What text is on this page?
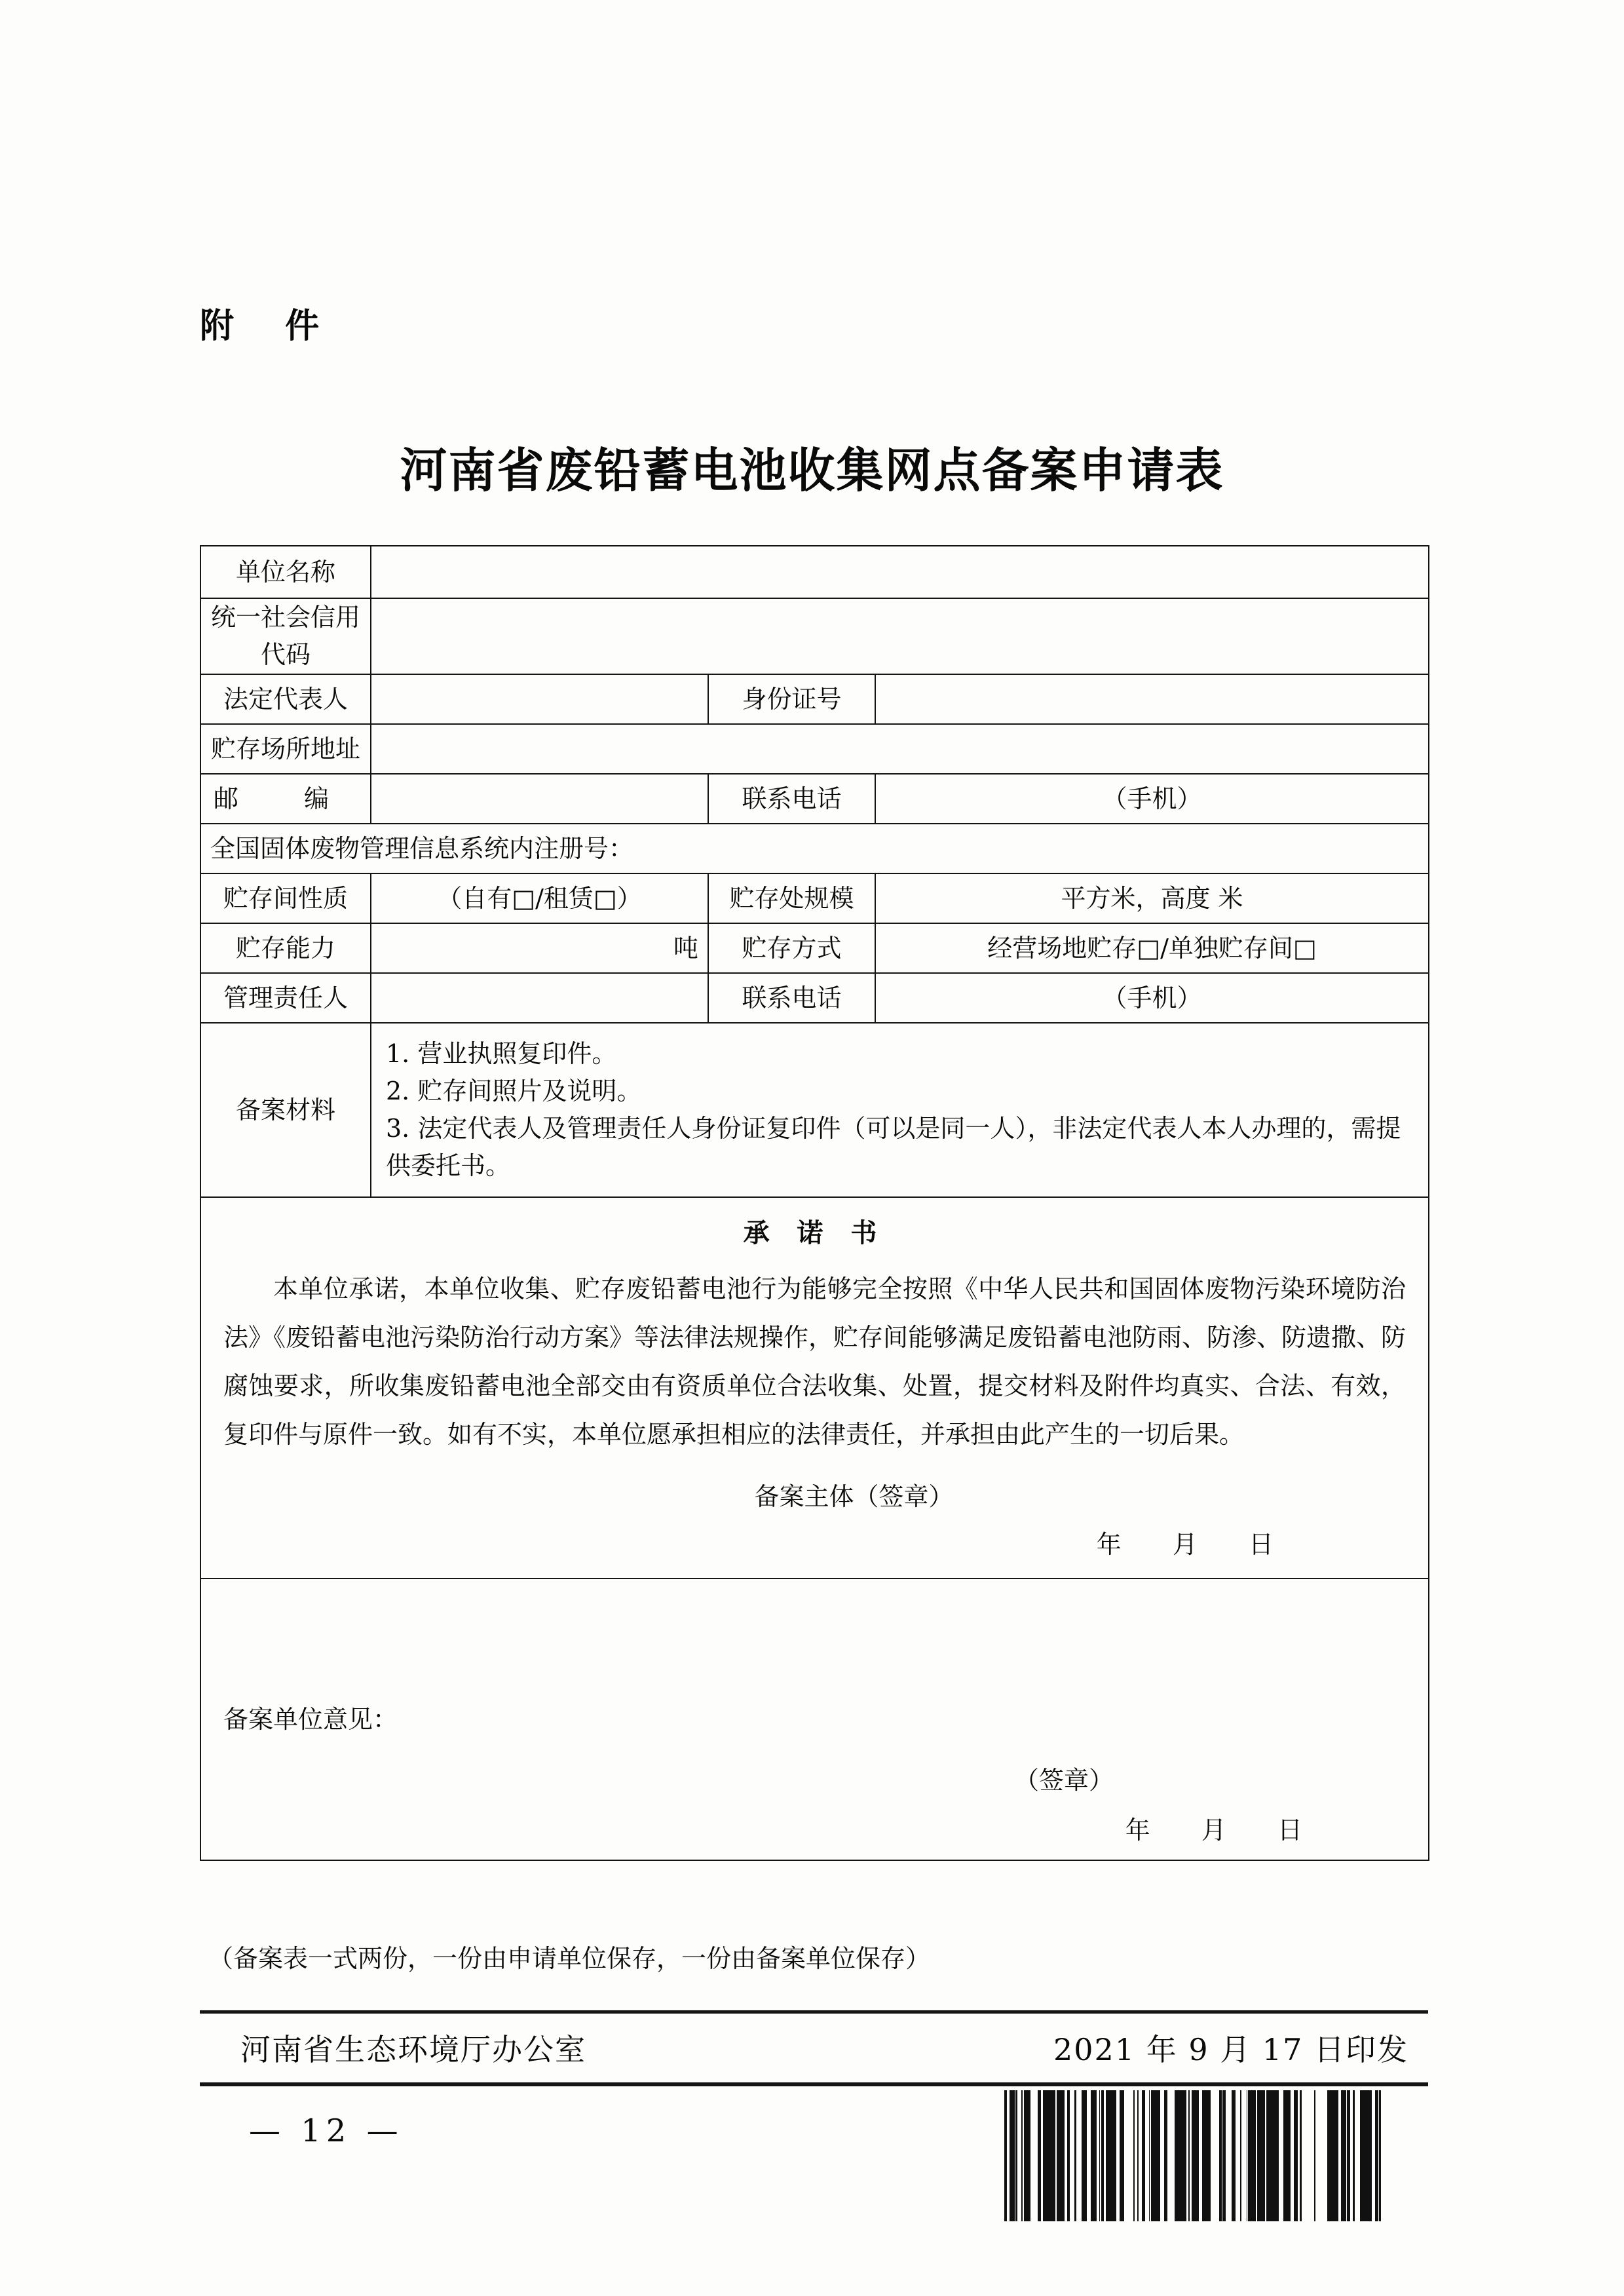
附 件
河南省废铅蓄电池收集网点备案申请表
单位名称			
统一社会信用代码			
法定代表人		身份证号	
贮存场所地址			
邮 编		联系电话	（手机）
全国固体废物管理信息系统内注册号：			
贮存间性质	（自有□/租赁□）	贮存处规模	平方米，高度 米
贮存能力	吨	贮存方式	经营场地贮存□/单独贮存间□
管理责任人		联系电话	（手机）
备案材料	1. 营业执照复印件。
2. 贮存间照片及说明。
3. 法定代表人及管理责任人身份证复印件（可以是同一人），非法定代表人本人办理的，需提供委托书。		

承 诺 书

本单位承诺，本单位收集、贮存废铅蓄电池行为能够完全按照《中华人民共和国固体废物污染环境防治法》《废铅蓄电池污染防治行动方案》等法律法规操作，贮存间能够满足废铅蓄电池防雨、防渗、防遗撒、防腐蚀要求，所收集废铅蓄电池全部交由有资质单位合法收集、处置，提交材料及附件均真实、合法、有效，复印件与原件一致。如有不实，本单位愿承担相应的法律责任，并承担由此产生的一切后果。

备案主体（签章）
年 月 日			

备案单位意见：
（签章）
年 月 日			
（备案表一式两份，一份由申请单位保存，一份由备案单位保存）
河南省生态环境厅办公室	2021 年 9 月 17 日印发
— 12 —
